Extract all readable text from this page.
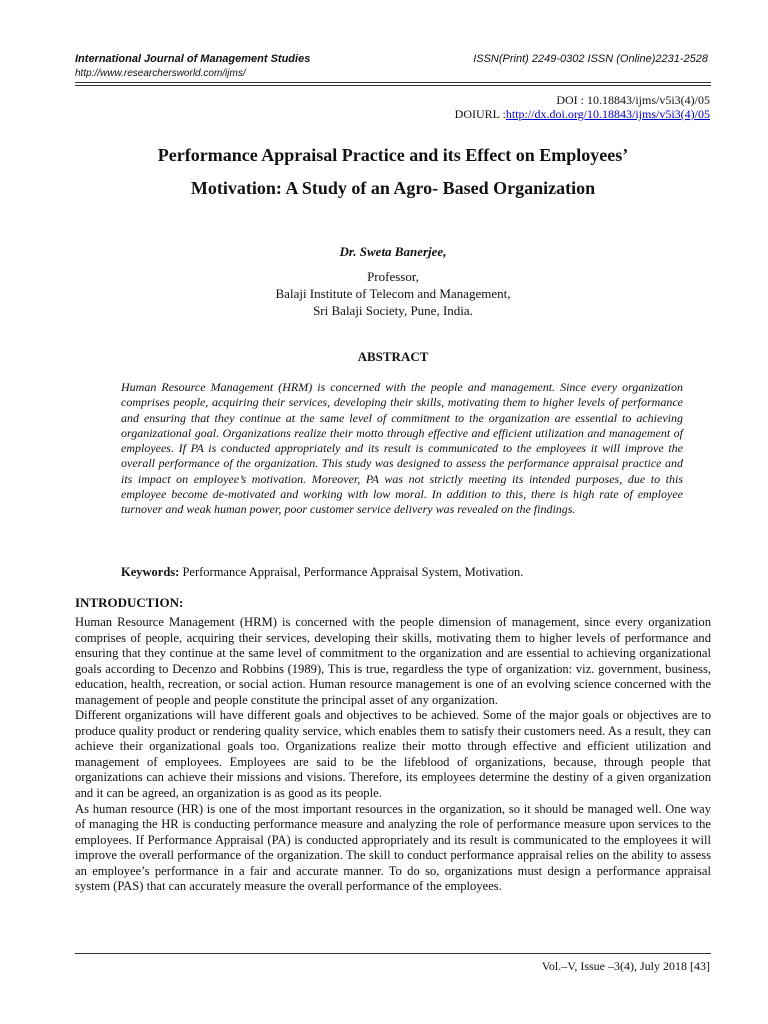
International Journal of Management Studies
http://www.researchersworld.com/ijms/
ISSN(Print) 2249-0302 ISSN (Online)2231-2528
DOI : 10.18843/ijms/v5i3(4)/05
DOIURL :http://dx.doi.org/10.18843/ijms/v5i3(4)/05
Performance Appraisal Practice and its Effect on Employees’
Motivation: A Study of an Agro- Based Organization
Dr. Sweta Banerjee,
Professor,
Balaji Institute of Telecom and Management,
Sri Balaji Society, Pune, India.
ABSTRACT

Human Resource Management (HRM) is concerned with the people and management. Since every organization comprises people, acquiring their services, developing their skills, motivating them to higher levels of performance and ensuring that they continue at the same level of commitment to the organization are essential to achieving organizational goal. Organizations realize their motto through effective and efficient utilization and management of employees. If PA is conducted appropriately and its result is communicated to the employees it will improve the overall performance of the organization. This study was designed to assess the performance appraisal practice and its impact on employee’s motivation. Moreover, PA was not strictly meeting its intended purposes, due to this employee become de-motivated and working with low moral. In addition to this, there is high rate of employee turnover and weak human power, poor customer service delivery was revealed on the findings.

Keywords: Performance Appraisal, Performance Appraisal System, Motivation.
INTRODUCTION:

Human Resource Management (HRM) is concerned with the people dimension of management, since every organization comprises of people, acquiring their services, developing their skills, motivating them to higher levels of performance and ensuring that they continue at the same level of commitment to the organization and are essential to achieving organizational goals according to Decenzo and Robbins (1989), This is true, regardless the type of organization: viz. government, business, education, health, recreation, or social action. Human resource management is one of an evolving science concerned with the management of people and people constitute the principal asset of any organization.

Different organizations will have different goals and objectives to be achieved. Some of the major goals or objectives are to produce quality product or rendering quality service, which enables them to satisfy their customers need. As a result, they can achieve their organizational goals too. Organizations realize their motto through effective and efficient utilization and management of employees. Employees are said to be the lifeblood of organizations, because, through people that organizations can achieve their missions and visions. Therefore, its employees determine the destiny of a given organization and it can be agreed, an organization is as good as its people.

As human resource (HR) is one of the most important resources in the organization, so it should be managed well. One way of managing the HR is conducting performance measure and analyzing the role of performance measure upon services to the employees. If Performance Appraisal (PA) is conducted appropriately and its result is communicated to the employees it will improve the overall performance of the organization. The skill to conduct performance appraisal relies on the ability to assess an employee’s performance in a fair and accurate manner. To do so, organizations must design a performance appraisal system (PAS) that can accurately measure the overall performance of the employees.

Vol.–V, Issue –3(4), July 2018 [43]
